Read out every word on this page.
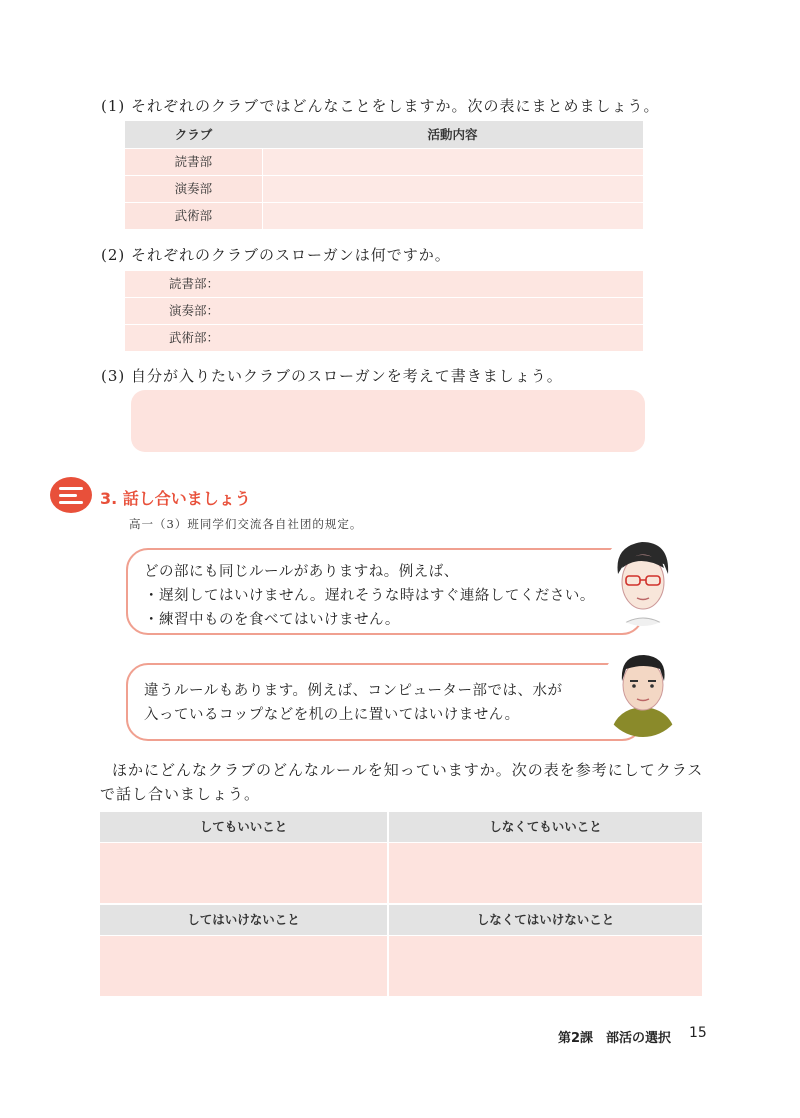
(1) それぞれのクラブではどんなことをしますか。次の表にまとめましょう。
クラブ	活動内容
読書部
演奏部
武術部
(2) それぞれのクラブのスローガンは何ですか。
読書部：
演奏部：
武術部：
(3) 自分が入りたいクラブのスローガンを考えて書きましょう。
3. 話し合いましょう
高一（3）班同学们交流各自社团的规定。
どの部にも同じルールがありますね。例えば、
・遅刻してはいけません。遅れそうな時はすぐ連絡してください。
・練習中ものを食べてはいけません。
違うルールもあります。例えば、コンピューター部では、水が
入っているコップなどを机の上に置いてはいけません。
ほかにどんなクラブのどんなルールを知っていますか。次の表を参考にしてクラス
で話し合いましょう。
してもいいこと	しなくてもいいこと
してはいけないこと	しなくてはいけないこと
第2課　部活の選択 15
